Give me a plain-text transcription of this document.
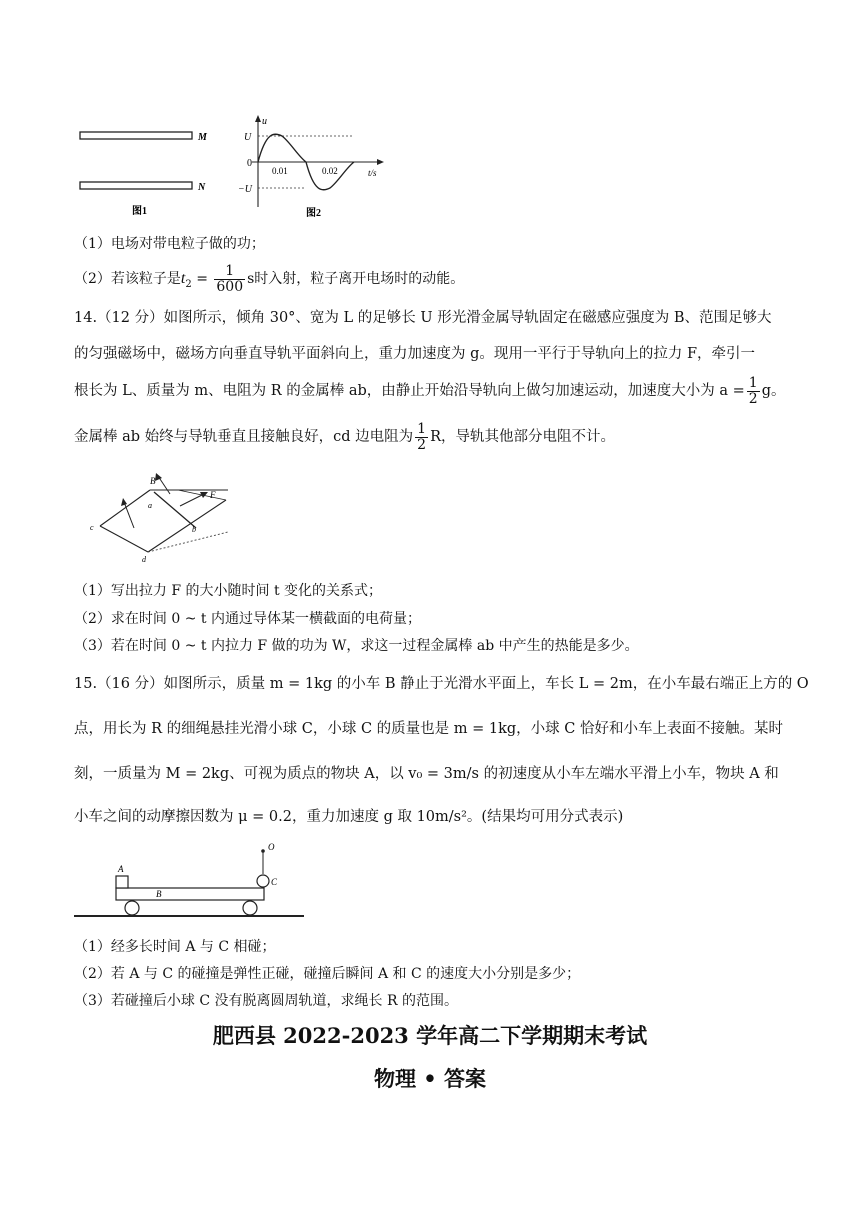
M
N
图1
u
t/s
U
−U
0
0.01	0.02
图2
（1）电场对带电粒子做的功；
（2）若该粒子是$t_2 = \frac{1}{600}$ s时入射，粒子离开电场时的动能。
14.（12 分）如图所示，倾角 30°、宽为 L 的足够长 U 形光滑金属导轨固定在磁感应强度为 B、范围足够大
的匀强磁场中，磁场方向垂直导轨平面斜向上，重力加速度为 g。现用一平行于导轨向上的拉力 F，牵引一
根长为 L、质量为 m、电阻为 R 的金属棒 ab，由静止开始沿导轨向上做匀加速运动，加速度大小为 $a = \frac{1}{2}$ g。
金属棒 ab 始终与导轨垂直且接触良好，cd 边电阻为 $\frac{1}{2}$ R，导轨其他部分电阻不计。
B
F
a
b
c
d
（1）写出拉力 F 的大小随时间 t 变化的关系式；
（2）求在时间 0 ~ t 内通过导体某一横截面的电荷量；
（3）若在时间 0 ~ t 内拉力 F 做的功为 W，求这一过程金属棒 ab 中产生的热能是多少。
15.（16 分）如图所示，质量 m = 1kg 的小车 B 静止于光滑水平面上，车长 L = 2m，在小车最右端正上方的 O
点，用长为 R 的细绳悬挂光滑小球 C，小球 C 的质量也是 m = 1kg，小球 C 恰好和小车上表面不接触。某时
刻，一质量为 M = 2kg、可视为质点的物块 A，以 v₀ = 3m/s 的初速度从小车左端水平滑上小车，物块 A 和
小车之间的动摩擦因数为 μ = 0.2，重力加速度 g 取 10m/s²。(结果均可用分式表示)
A
B
C
O
（1）经多长时间 A 与 C 相碰；
（2）若 A 与 C 的碰撞是弹性正碰，碰撞后瞬间 A 和 C 的速度大小分别是多少；
（3）若碰撞后小球 C 没有脱离圆周轨道，求绳长 R 的范围。
肥西县 2022-2023 学年高二下学期期末考试
物理 • 答案
